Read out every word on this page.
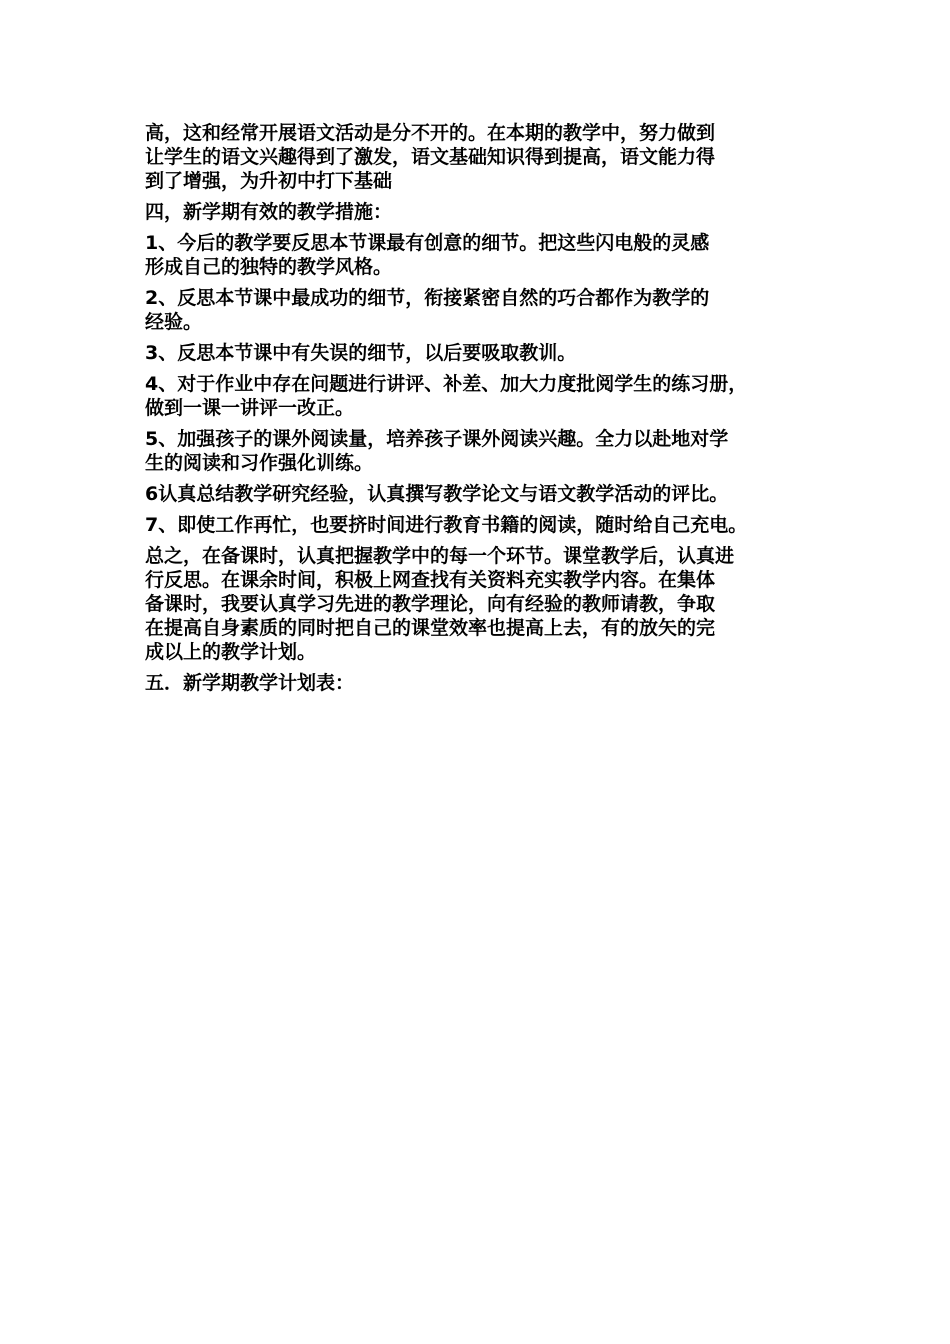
高，这和经常开展语文活动是分不开的。在本期的教学中，努力做到
让学生的语文兴趣得到了激发，语文基础知识得到提高，语文能力得
到了增强，为升初中打下基础

四，新学期有效的教学措施：

1、今后的教学要反思本节课最有创意的细节。把这些闪电般的灵感
形成自己的独特的教学风格。

2、反思本节课中最成功的细节，衔接紧密自然的巧合都作为教学的
经验。

3、反思本节课中有失误的细节，以后要吸取教训。

4、对于作业中存在问题进行讲评、补差、加大力度批阅学生的练习册，
做到一课一讲评一改正。

5、加强孩子的课外阅读量，培养孩子课外阅读兴趣。全力以赴地对学
生的阅读和习作强化训练。

6认真总结教学研究经验，认真撰写教学论文与语文教学活动的评比。

7、即使工作再忙，也要挤时间进行教育书籍的阅读，随时给自己充电。

总之，在备课时，认真把握教学中的每一个环节。课堂教学后，认真进
行反思。在课余时间，积极上网查找有关资料充实教学内容。在集体
备课时，我要认真学习先进的教学理论，向有经验的教师请教，争取
在提高自身素质的同时把自己的课堂效率也提高上去，有的放矢的完
成以上的教学计划。

五．新学期教学计划表：
